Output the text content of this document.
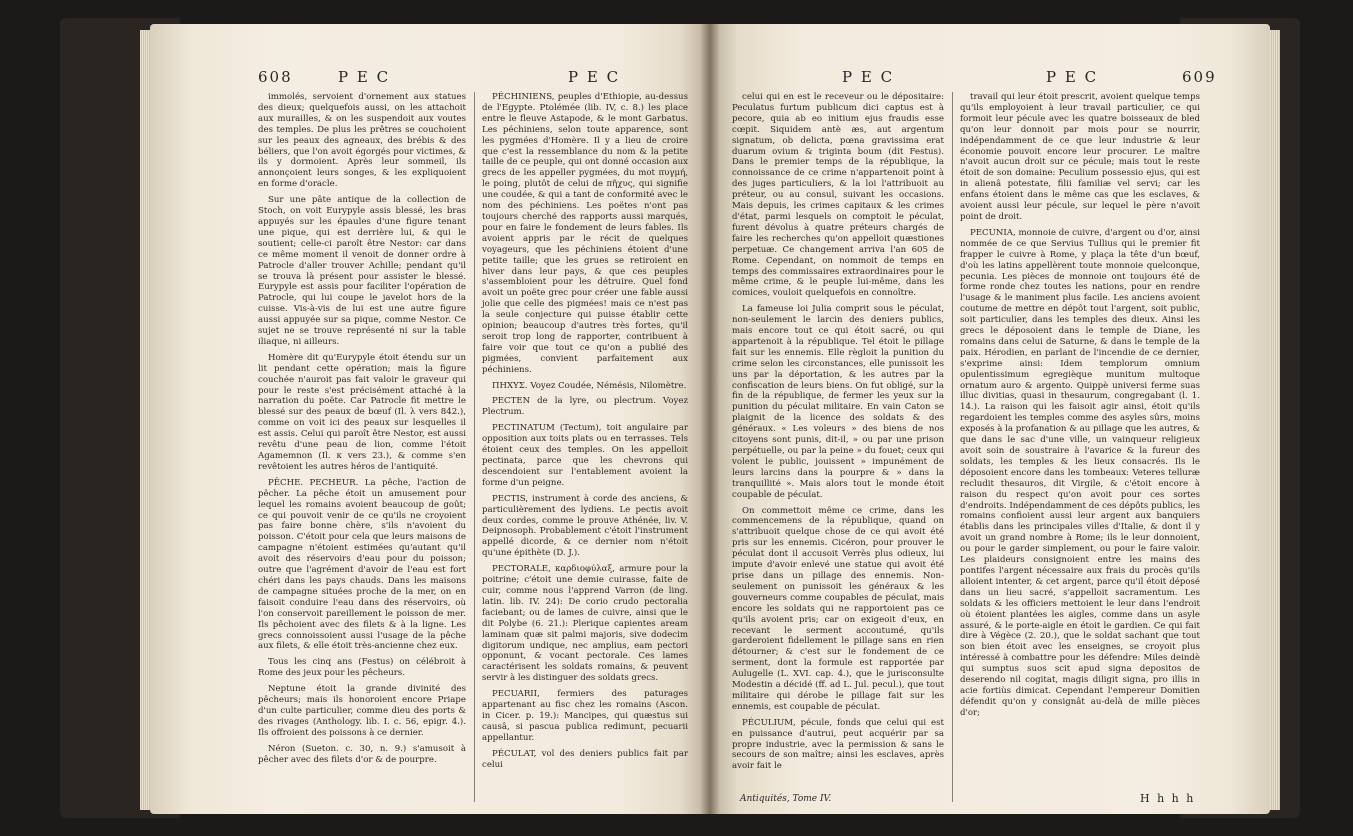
608	P E C	P E C

immolés, servoient d'ornement aux statues des dieux; quelquefois aussi, on les attachoit aux murailles, & on les suspendoit aux voutes des temples. De plus les prêtres se couchoient sur les peaux des agneaux, des brébis & des béliers, que l'on avoit égorgés pour victimes, & ils y dormoient. Après leur sommeil, ils annonçoient leurs songes, & les expliquoient en forme d'oracle.

Sur une pâte antique de la collection de Stoch, on voit Eurypyle assis blessé, les bras appuyés sur les épaules d'une figure tenant une pique, qui est derrière lui, & qui le soutient; celle-ci paroît être Nestor: car dans ce même moment il venoit de donner ordre à Patrocle d'aller trouver Achille; pendant qu'il se trouva là présent pour assister le blessé. Eurypyle est assis pour faciliter l'opération de Patrocle, qui lui coupe le javelot hors de la cuisse. Vis-à-vis de lui est une autre figure aussi appuyée sur sa pique, comme Nestor. Ce sujet ne se trouve représenté ni sur la table iliaque, ni ailleurs.

Homère dit qu'Eurypyle étoit étendu sur un lit pendant cette opération; mais la figure couchée n'auroit pas fait valoir le graveur qui pour le reste s'est précisément attaché à la narration du poëte. Car Patrocle fit mettre le blessé sur des peaux de bœuf (Il. λ vers 842.), comme on voit ici des peaux sur lesquelles il est assis. Celui qui paroît être Nestor, est aussi revêtu d'une peau de lion, comme l'étoit Agamemnon (Il. κ vers 23.), & comme s'en revêtoient les autres héros de l'antiquité.

PÊCHE. PECHEUR. La pêche, l'action de pêcher. La pêche étoit un amusement pour lequel les romains avoient beaucoup de goût; ce qui pouvoit venir de ce qu'ils ne croyoient pas faire bonne chère, s'ils n'avoient du poisson. C'étoit pour cela que leurs maisons de campagne n'étoient estimées qu'autant qu'il avoit des réservoirs d'eau pour du poisson; outre que l'agrément d'avoir de l'eau est fort chéri dans les pays chauds. Dans les maisons de campagne situées proche de la mer, on en faisoit conduire l'eau dans des réservoirs, où l'on conservoit pareillement le poisson de mer. Ils pêchoient avec des filets & à la ligne. Les grecs connoissoient aussi l'usage de la pêche aux filets, & elle étoit très-ancienne chez eux.

Tous les cinq ans (Festus) on célébroit à Rome des jeux pour les pêcheurs.

Neptune étoit la grande divinité des pêcheurs; mais ils honoroient encore Priape d'un culte particulier, comme dieu des ports & des rivages (Anthology. lib. I. c. 56, epigr. 4.). Ils offroient des poissons à ce dernier.

Néron (Sueton. c. 30, n. 9.) s'amusoit à pêcher avec des filets d'or & de pourpre.

PÉCHINIENS, peuples d'Ethiopie, au-dessus de l'Egypte. Ptolémée (lib. IV, c. 8.) les place entre le fleuve Astapode, & le mont Garbatus. Les péchiniens, selon toute apparence, sont les pygmées d'Homère. Il y a lieu de croire que c'est la ressemblance du nom & la petite taille de ce peuple, qui ont donné occasion aux grecs de les appeller pygmées, du mot πυγμή, le poing, plutôt de celui de πῆχυς, qui signifie une coudée, & qui a tant de conformité avec le nom des péchiniens. Les poëtes n'ont pas toujours cherché des rapports aussi marqués, pour en faire le fondement de leurs fables. Ils avoient appris par le récit de quelques voyageurs, que les péchiniens étoient d'une petite taille; que les grues se retiroient en hiver dans leur pays, & que ces peuples s'assembloient pour les détruire. Quel fond avoit un poëte grec pour créer une fable aussi jolie que celle des pigmées! mais ce n'est pas la seule conjecture qui puisse établir cette opinion; beaucoup d'autres très fortes, qu'il seroit trop long de rapporter, contribuent à faire voir que tout ce qu'on a publié des pigmées, convient parfaitement aux péchiniens.

ΠΗΧΥΣ. Voyez Coudée, Némésis, Nilomètre.

PECTEN de la lyre, ou plectrum. Voyez Plectrum.

PECTINATUM (Tectum), toit angulaire par opposition aux toits plats ou en terrasses. Tels étoient ceux des temples. On les appelloit pectinata, parce que les chevrons qui descendoient sur l'entablement avoient la forme d'un peigne.

PECTIS, instrument à corde des anciens, & particulièrement des lydiens. Le pectis avoit deux cordes, comme le prouve Athénée, liv. V. Deipnosoph. Probablement c'étoit l'instrument appellé dicorde, & ce dernier nom n'étoit qu'une épithète (D. J.).

PECTORALE, καρδιοφύλαξ, armure pour la poitrine; c'étoit une demie cuirasse, faite de cuir, comme nous l'apprend Varron (de ling. latin. lib. IV. 24): De corio crudo pectoralia faciebant; ou de lames de cuivre, ainsi que le dit Polybe (6. 21.): Plerique capientes aream laminam quæ sit palmi majoris, sive dodecim digitorum undique, nec amplius, eam pectori opponunt, & vocant pectorale. Ces lames caractérisent les soldats romains, & peuvent servir à les distinguer des soldats grecs.

PECUARII, fermiers des paturages appartenant au fisc chez les romains (Ascon. in Cicer. p. 19.): Mancipes, qui quæstus sui causâ, si pascua publica redimunt, pecuarii appellantur.

PÉCULAT, vol des deniers publics fait par celui

P E C	P E C	609

celui qui en est le receveur ou le dépositaire: Peculatus furtum publicum dici captus est à pecore, quia ab eo initium ejus fraudis esse cœpit. Siquidem antè æs, aut argentum signatum, ob delicta, pœna gravissima erat duarum ovium & triginta boum (dit Festus). Dans le premier temps de la république, la connoissance de ce crime n'appartenoit point à des juges particuliers, & la loi l'attribuoit au préteur, ou au consul, suivant les occasions. Mais depuis, les crimes capitaux & les crimes d'état, parmi lesquels on comptoit le péculat, furent dévolus à quatre préteurs chargés de faire les recherches qu'on appelloit quæstiones perpetuæ. Ce changement arriva l'an 605 de Rome. Cependant, on nommoit de temps en temps des commissaires extraordinaires pour le même crime, & le peuple lui-même, dans les comices, vouloit quelquefois en connoître.

La fameuse loi Julia comprit sous le péculat, non-seulement le larcin des deniers publics, mais encore tout ce qui étoit sacré, ou qui appartenoit à la république. Tel étoit le pillage fait sur les ennemis. Elle règloit la punition du crime selon les circonstances, elle punissoit les uns par la déportation, & les autres par la confiscation de leurs biens. On fut obligé, sur la fin de la république, de fermer les yeux sur la punition du péculat militaire. En vain Caton se plaignit de la licence des soldats & des généraux. « Les voleurs » des biens de nos citoyens sont punis, dit-il, » ou par une prison perpétuelle, ou par la peine » du fouet; ceux qui volent le public, jouissent » impunément de leurs larcins dans la pourpre & » dans la tranquillité ». Mais alors tout le monde étoit coupable de péculat.

On commettoit même ce crime, dans les commencemens de la république, quand on s'attribuoit quelque chose de ce qui avoit été pris sur les ennemis. Cicéron, pour prouver le péculat dont il accusoit Verrès plus odieux, lui impute d'avoir enlevé une statue qui avoit été prise dans un pillage des ennemis. Non-seulement on punissoit les généraux & les gouverneurs comme coupables de péculat, mais encore les soldats qui ne rapportoient pas ce qu'ils avoient pris; car on exigeoit d'eux, en recevant le serment accoutumé, qu'ils garderoient fidellement le pillage sans en rien détourner; & c'est sur le fondement de ce serment, dont la formule est rapportée par Aulugelle (L. XVI. cap. 4.), que le jurisconsulte Modestin a décidé (ff. ad L. Jul. pecul.), que tout militaire qui dérobe le pillage fait sur les ennemis, est coupable de péculat.

PÉCULIUM, pécule, fonds que celui qui est en puissance d'autrui, peut acquérir par sa propre industrie, avec la permission & sans le secours de son maître; ainsi les esclaves, après avoir fait le

travail qui leur étoit prescrit, avoient quelque temps qu'ils employoient à leur travail particulier, ce qui formoit leur pécule avec les quatre boisseaux de bled qu'on leur donnoit par mois pour se nourrir, indépendamment de ce que leur industrie & leur économie pouvoit encore leur procurer. Le maître n'avoit aucun droit sur ce pécule; mais tout le reste étoit de son domaine: Peculium possessio ejus, qui est in alienâ potestate, filii familiæ vel servi; car les enfans étoient dans le même cas que les esclaves, & avoient aussi leur pécule, sur lequel le père n'avoit point de droit.

PECUNIA, monnoie de cuivre, d'argent ou d'or, ainsi nommée de ce que Servius Tullius qui le premier fit frapper le cuivre à Rome, y plaça la tête d'un bœuf, d'où les latins appellèrent toute monnoie quelconque, pecunia. Les pièces de monnoie ont toujours été de forme ronde chez toutes les nations, pour en rendre l'usage & le maniment plus facile. Les anciens avoient coutume de mettre en dépôt tout l'argent, soit public, soit particulier, dans les temples des dieux. Ainsi les grecs le déposoient dans le temple de Diane, les romains dans celui de Saturne, & dans le temple de la paix. Hérodien, en parlant de l'incendie de ce dernier, s'exprime ainsi: Idem templorum omnium opulentissimum egregièque munitum multoque ornatum auro & argento. Quippè universi ferme suas illuc divitias, quasi in thesaurum, congregabant (l. 1. 14.). La raison qui les faisoit agir ainsi, étoit qu'ils regardoient les temples comme des asyles sûrs, moins exposés à la profanation & au pillage que les autres, & que dans le sac d'une ville, un vainqueur religieux avoit soin de soustraire à l'avarice & la fureur des soldats, les temples & les lieux consacrés. Ils le déposoient encore dans les tombeaux: Veteres telluræ recludit thesauros, dit Virgile, & c'étoit encore à raison du respect qu'on avoit pour ces sortes d'endroits. Indépendamment de ces dépôts publics, les romains confioient aussi leur argent aux banquiers établis dans les principales villes d'Italie, & dont il y avoit un grand nombre à Rome; ils le leur donnoient, ou pour le garder simplement, ou pour le faire valoir. Les plaideurs consignoient entre les mains des pontifes l'argent nécessaire aux frais du procès qu'ils alloient intenter, & cet argent, parce qu'il étoit déposé dans un lieu sacré, s'appelloit sacramentum. Les soldats & les officiers mettoient le leur dans l'endroit où étoient plantées les aigles, comme dans un asyle assuré, & le porte-aigle en étoit le gardien. Ce qui fait dire à Végèce (2. 20.), que le soldat sachant que tout son bien étoit avec les enseignes, se croyoit plus intéressé à combattre pour les défendre: Miles deindè qui sumptus suos scit apud signa depositos de deserendo nil cogitat, magis diligit signa, pro illis in acie fortiùs dimicat. Cependant l'empereur Domitien défendit qu'on y consignât au-delà de mille pièces d'or;

Antiquités, Tome IV.	H h h h
